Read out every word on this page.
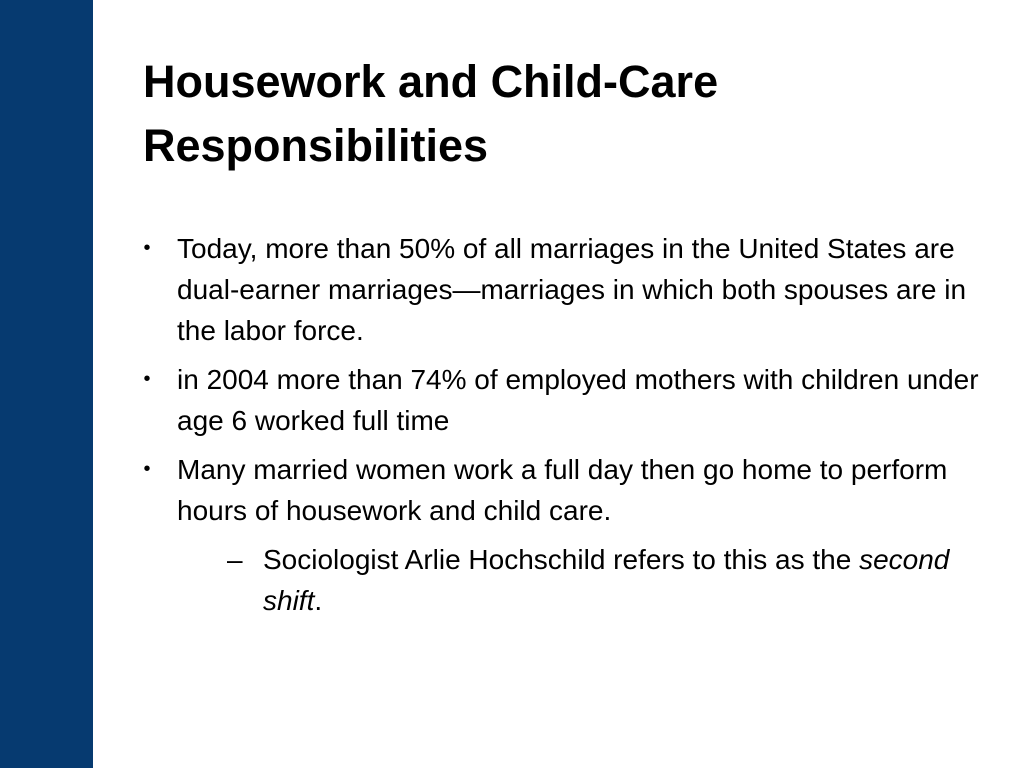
Housework and Child-Care Responsibilities
• Today, more than 50% of all marriages in the United States are dual-earner marriages—marriages in which both spouses are in the labor force.
• in 2004 more than 74% of employed mothers with children under age 6 worked full time
• Many married women work a full day then go home to perform hours of housework and child care.
– Sociologist Arlie Hochschild refers to this as the second shift.
